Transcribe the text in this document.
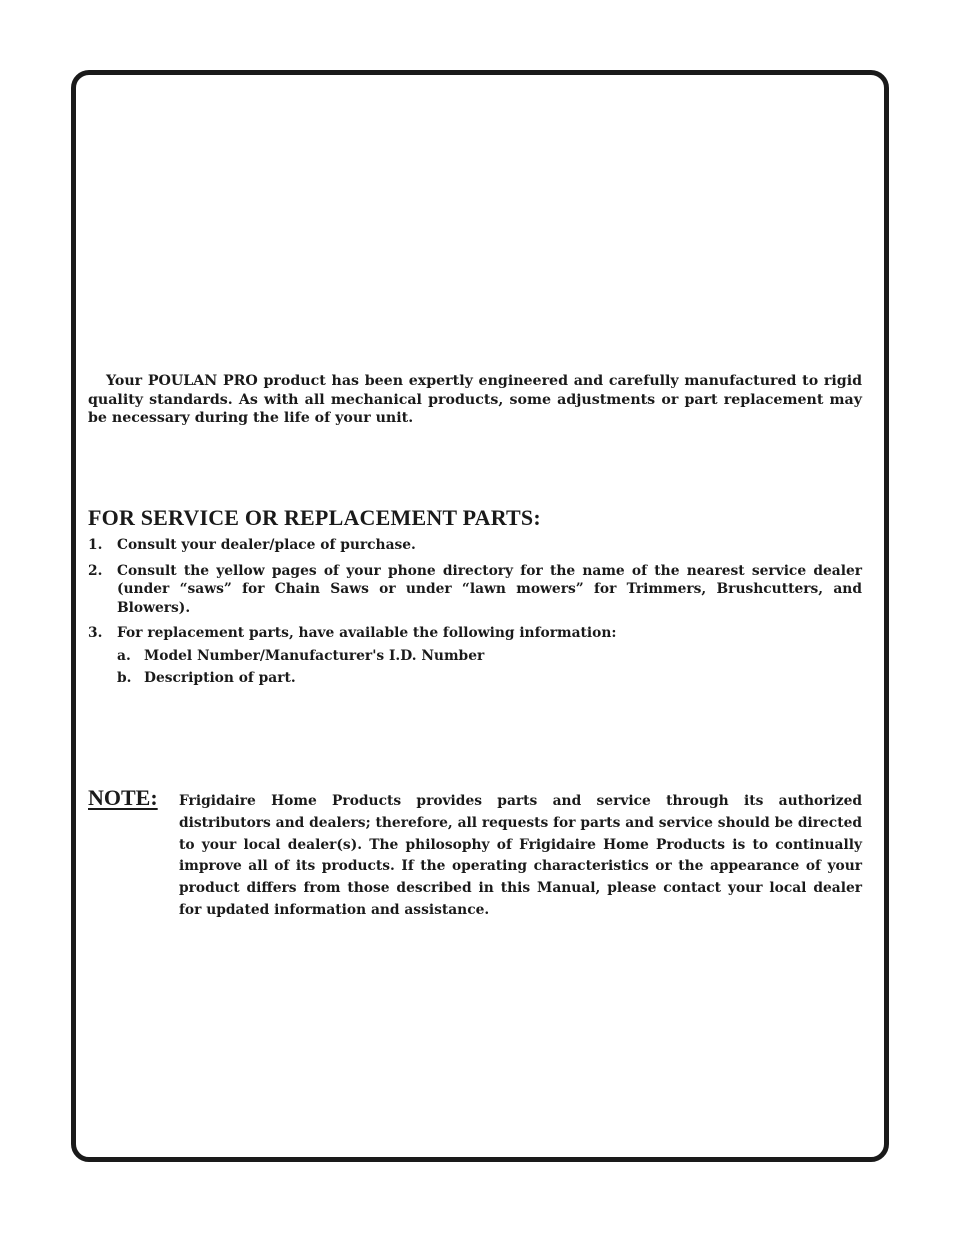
Your POULAN PRO product has been expertly engineered and carefully manufactured to rigid quality standards. As with all mechanical products, some adjustments or part replacement may be necessary during the life of your unit.

FOR SERVICE OR REPLACEMENT PARTS:
1. Consult your dealer/place of purchase.
2. Consult the yellow pages of your phone directory for the name of the nearest service dealer (under “saws” for Chain Saws or under “lawn mowers” for Trimmers, Brushcutters, and Blowers).
3. For replacement parts, have available the following information:
a. Model Number/Manufacturer's I.D. Number
b. Description of part.
NOTE: Frigidaire Home Products provides parts and service through its authorized distributors and dealers; therefore, all requests for parts and service should be directed to your local dealer(s). The philosophy of Frigidaire Home Products is to continually improve all of its products. If the operating characteristics or the appearance of your product differs from those described in this Manual, please contact your local dealer for updated information and assistance.
